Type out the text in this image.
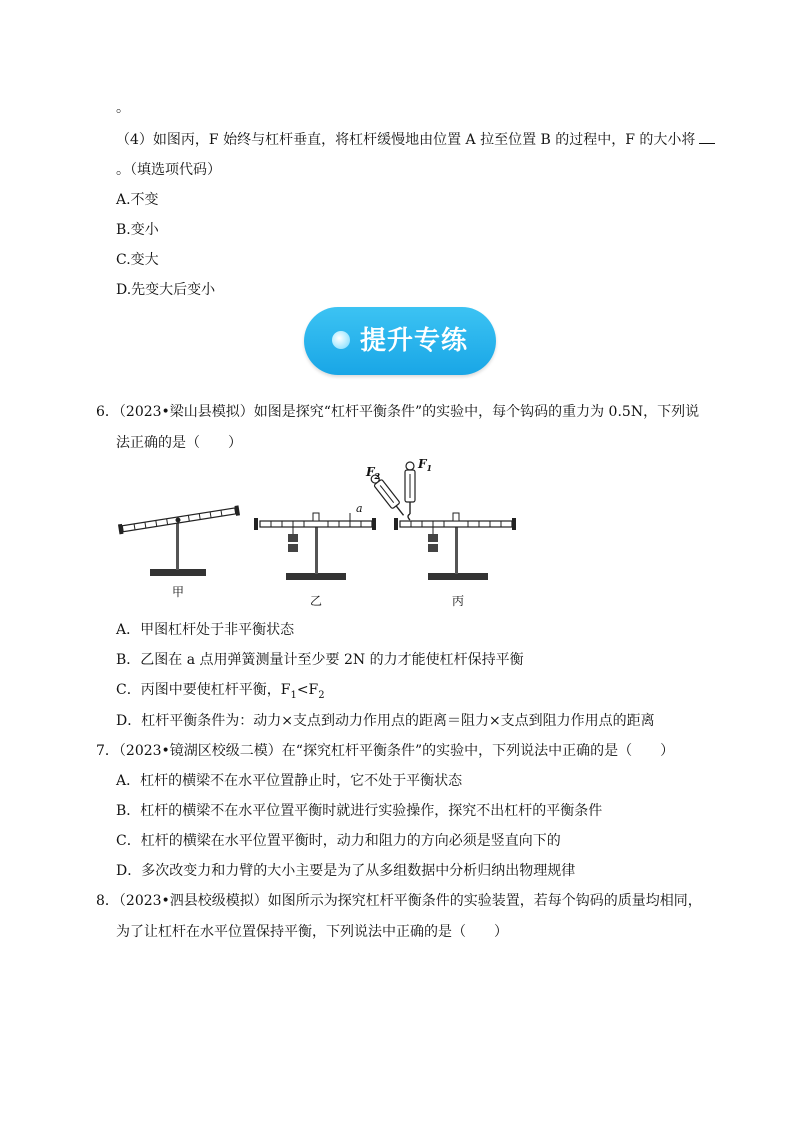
。
（4）如图丙，F 始终与杠杆垂直，将杠杆缓慢地由位置 A 拉至位置 B 的过程中，F 的大小将
。（填选项代码）
A.不变
B.变小
C.变大
D.先变大后变小
提升专练
6．（2023•梁山县模拟）如图是探究“杠杆平衡条件”的实验中，每个钩码的重力为 0.5N，下列说
法正确的是（　　）
甲
a
乙
$F_1$
$F_2$
丙
A．甲图杠杆处于非平衡状态
B．乙图在 a 点用弹簧测量计至少要 2N 的力才能使杠杆保持平衡
C．丙图中要使杠杆平衡，$F_1<F_2$
D．杠杆平衡条件为：动力×支点到动力作用点的距离＝阻力×支点到阻力作用点的距离
7．（2023•镜湖区校级二模）在“探究杠杆平衡条件”的实验中，下列说法中正确的是（　　）
A．杠杆的横梁不在水平位置静止时，它不处于平衡状态
B．杠杆的横梁不在水平位置平衡时就进行实验操作，探究不出杠杆的平衡条件
C．杠杆的横梁在水平位置平衡时，动力和阻力的方向必须是竖直向下的
D．多次改变力和力臂的大小主要是为了从多组数据中分析归纳出物理规律
8．（2023•泗县校级模拟）如图所示为探究杠杆平衡条件的实验装置，若每个钩码的质量均相同，
为了让杠杆在水平位置保持平衡，下列说法中正确的是（　　）
